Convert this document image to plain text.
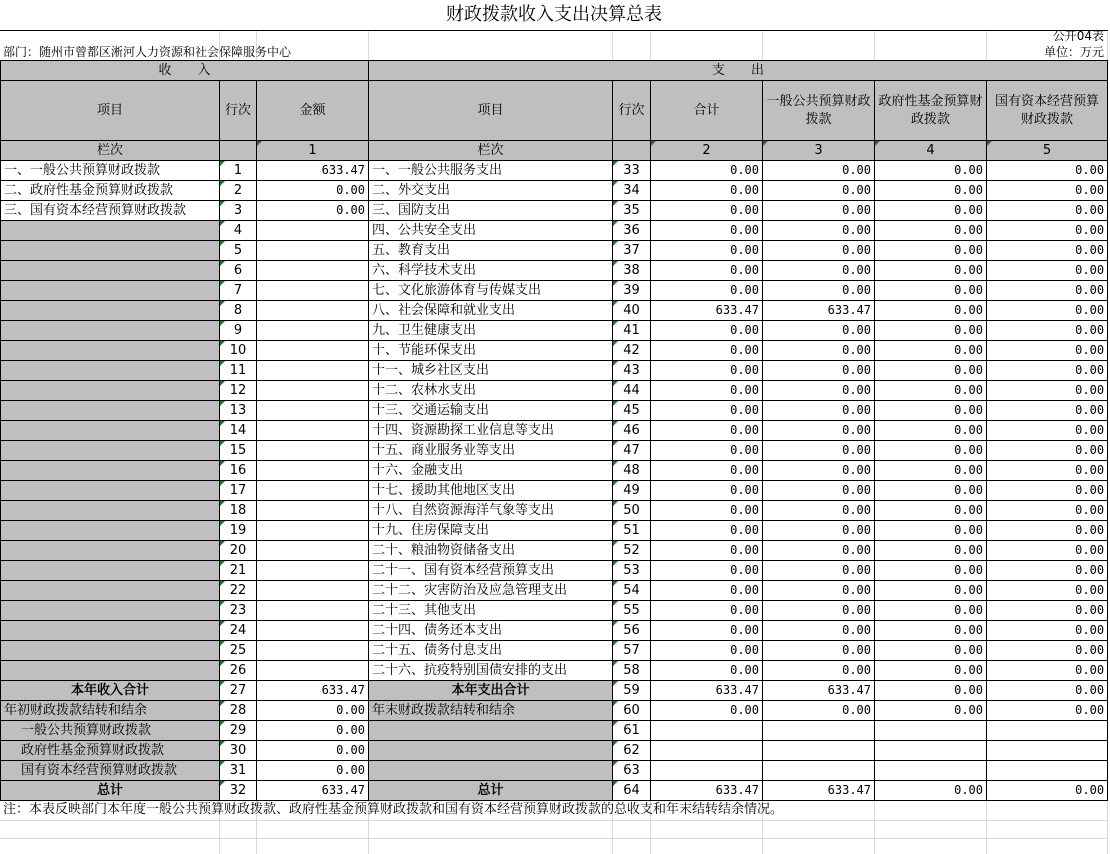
财政拨款收入支出决算总表
公开04表
部门：随州市曾都区淅河人力资源和社会保障服务中心	单位：万元
收　　入			支　　出					
项目	行次	金额	项目	行次	合计	一般公共预算财政拨款	政府性基金预算财政拨款	国有资本经营预算财政拨款
栏次		1	栏次		2	3	4	5
一、一般公共预算财政拨款	1	633.47	一、一般公共服务支出	33	0.00	0.00	0.00	0.00
二、政府性基金预算财政拨款	2	0.00	二、外交支出	34	0.00	0.00	0.00	0.00
三、国有资本经营预算财政拨款	3	0.00	三、国防支出	35	0.00	0.00	0.00	0.00
	4		四、公共安全支出	36	0.00	0.00	0.00	0.00
	5		五、教育支出	37	0.00	0.00	0.00	0.00
	6		六、科学技术支出	38	0.00	0.00	0.00	0.00
	7		七、文化旅游体育与传媒支出	39	0.00	0.00	0.00	0.00
	8		八、社会保障和就业支出	40	633.47	633.47	0.00	0.00
	9		九、卫生健康支出	41	0.00	0.00	0.00	0.00
	10		十、节能环保支出	42	0.00	0.00	0.00	0.00
	11		十一、城乡社区支出	43	0.00	0.00	0.00	0.00
	12		十二、农林水支出	44	0.00	0.00	0.00	0.00
	13		十三、交通运输支出	45	0.00	0.00	0.00	0.00
	14		十四、资源勘探工业信息等支出	46	0.00	0.00	0.00	0.00
	15		十五、商业服务业等支出	47	0.00	0.00	0.00	0.00
	16		十六、金融支出	48	0.00	0.00	0.00	0.00
	17		十七、援助其他地区支出	49	0.00	0.00	0.00	0.00
	18		十八、自然资源海洋气象等支出	50	0.00	0.00	0.00	0.00
	19		十九、住房保障支出	51	0.00	0.00	0.00	0.00
	20		二十、粮油物资储备支出	52	0.00	0.00	0.00	0.00
	21		二十一、国有资本经营预算支出	53	0.00	0.00	0.00	0.00
	22		二十二、灾害防治及应急管理支出	54	0.00	0.00	0.00	0.00
	23		二十三、其他支出	55	0.00	0.00	0.00	0.00
	24		二十四、债务还本支出	56	0.00	0.00	0.00	0.00
	25		二十五、债务付息支出	57	0.00	0.00	0.00	0.00
	26		二十六、抗疫特别国债安排的支出	58	0.00	0.00	0.00	0.00
本年收入合计	27	633.47	本年支出合计	59	633.47	633.47	0.00	0.00
年初财政拨款结转和结余	28	0.00	年末财政拨款结转和结余	60	0.00	0.00	0.00	0.00
一般公共预算财政拨款	29	0.00		61				
政府性基金预算财政拨款	30	0.00		62				
国有资本经营预算财政拨款	31	0.00		63				
总计	32	633.47	总计	64	633.47	633.47	0.00	0.00
注：本表反映部门本年度一般公共预算财政拨款、政府性基金预算财政拨款和国有资本经营预算财政拨款的总收支和年末结转结余情况。
